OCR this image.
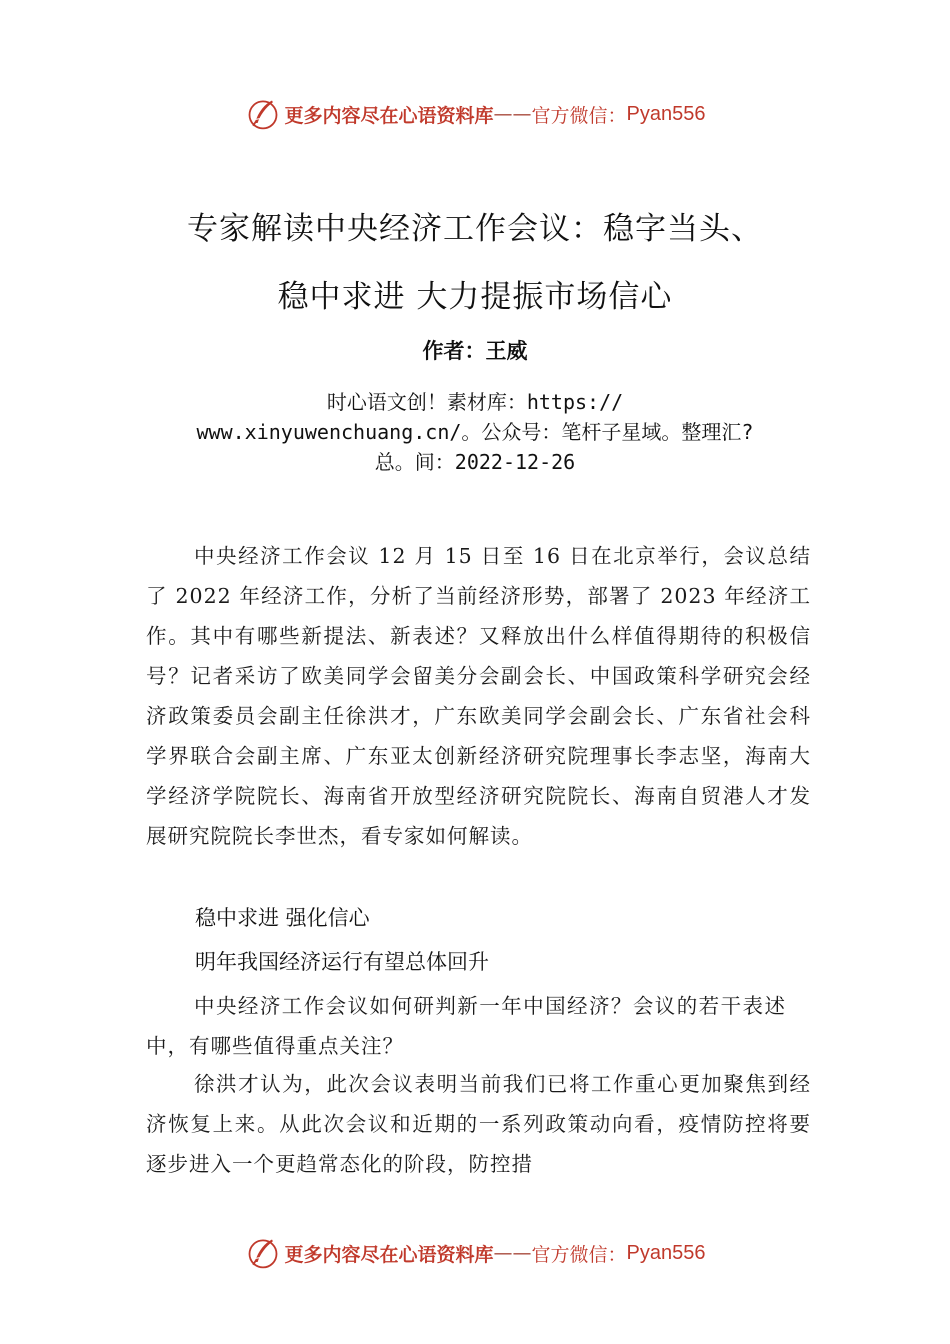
更多内容尽在心语资料库 —— 官方微信： Pyan556
专家解读中央经济工作会议：稳字当头、
稳中求进 大力提振市场信心
作者：王威
时心语文创！素材库：https://
www.xinyuwenchuang.cn/。公众号：笔杆子星域。整理汇?
总。间：2022-12-26
中央经济工作会议 12 月 15 日至 16 日在北京举行，会议总结了 2022 年经济工作，分析了当前经济形势，部署了 2023 年经济工作。其中有哪些新提法、新表述？又释放出什么样值得期待的积极信号？记者采访了欧美同学会留美分会副会长、中国政策科学研究会经济政策委员会副主任徐洪才，广东欧美同学会副会长、广东省社会科学界联合会副主席、广东亚太创新经济研究院理事长李志坚，海南大学经济学院院长、海南省开放型经济研究院院长、海南自贸港人才发展研究院院长李世杰，看专家如何解读。
稳中求进 强化信心
明年我国经济运行有望总体回升
中央经济工作会议如何研判新一年中国经济？会议的若干表述中，有哪些值得重点关注？
徐洪才认为，此次会议表明当前我们已将工作重心更加聚焦到经济恢复上来。从此次会议和近期的一系列政策动向看，疫情防控将要逐步进入一个更趋常态化的阶段，防控措
更多内容尽在心语资料库 —— 官方微信： Pyan556
